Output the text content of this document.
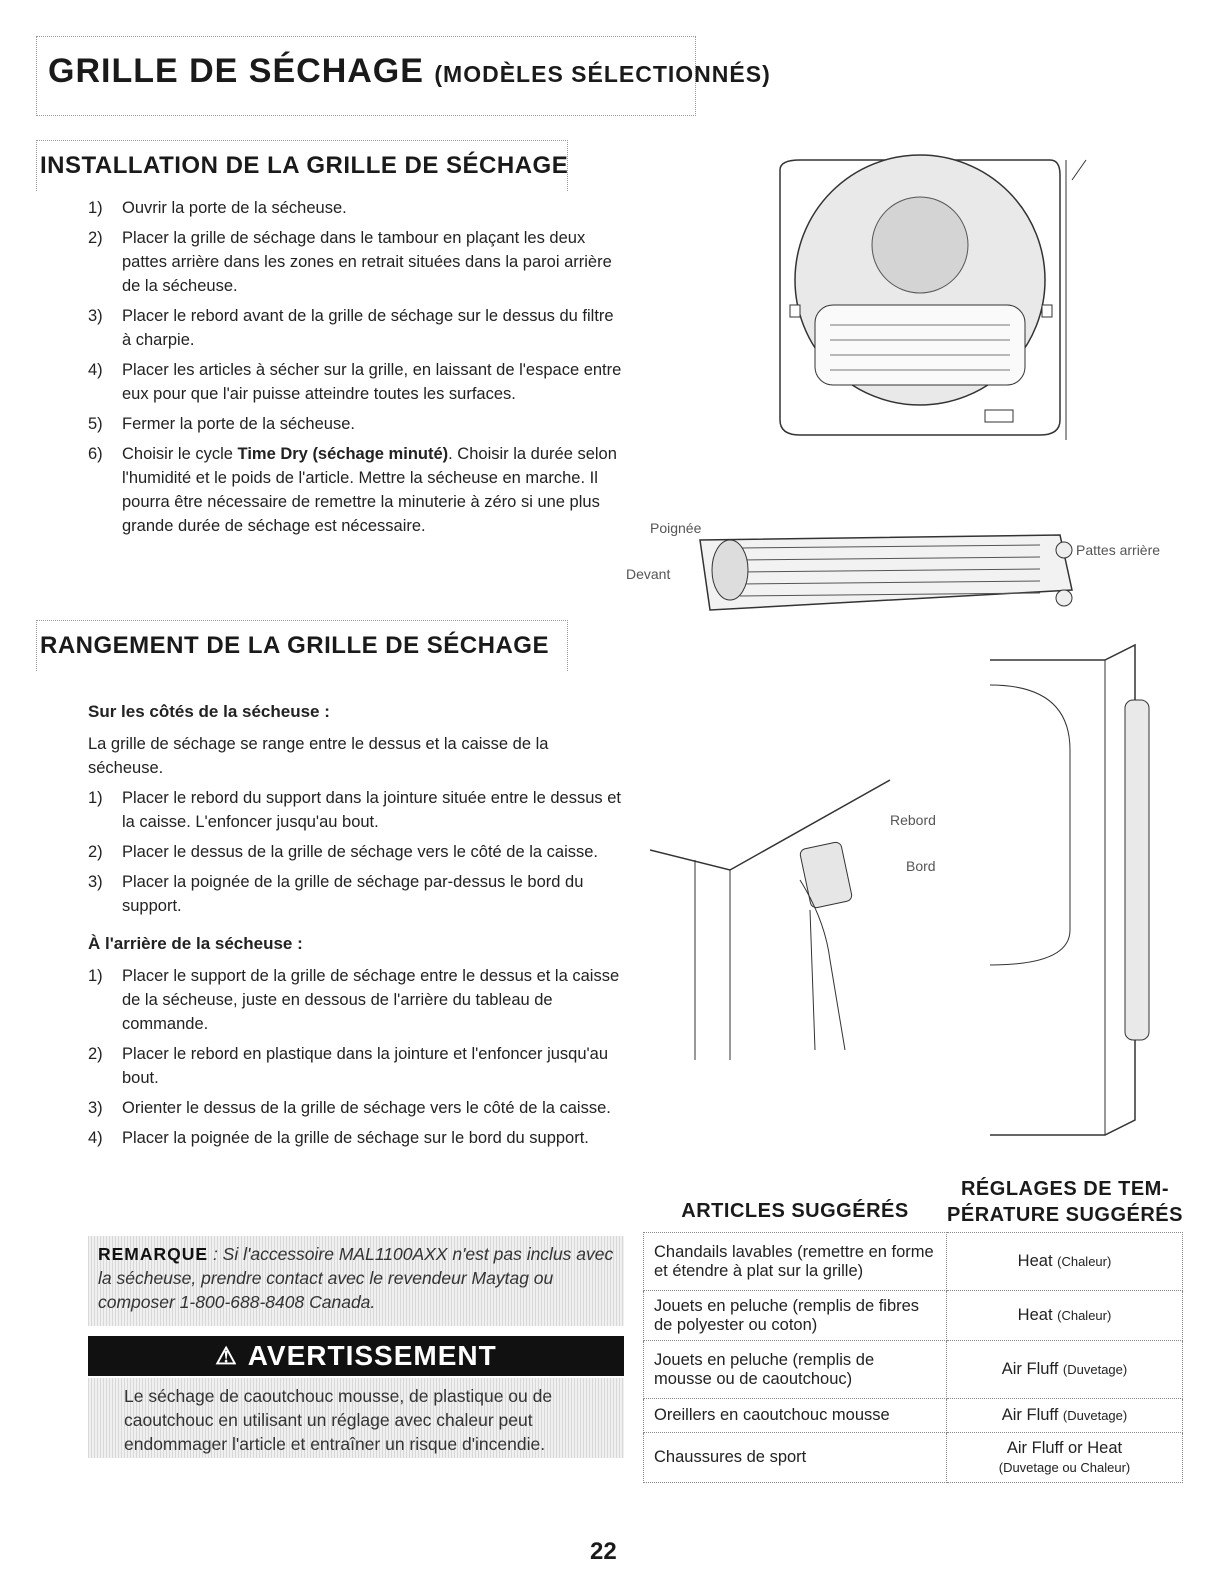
GRILLE DE SÉCHAGE (MODÈLES SÉLECTIONNÉS)
INSTALLATION DE LA GRILLE DE SÉCHAGE
1) Ouvrir la porte de la sécheuse.
2) Placer la grille de séchage dans le tambour en plaçant les deux pattes arrière dans les zones en retrait situées dans la paroi arrière de la sécheuse.
3) Placer le rebord avant de la grille de séchage sur le dessus du filtre à charpie.
4) Placer les articles à sécher sur la grille, en laissant de l'espace entre eux pour que l'air puisse atteindre toutes les surfaces.
5) Fermer la porte de la sécheuse.
6) Choisir le cycle Time Dry (séchage minuté). Choisir la durée selon l'humidité et le poids de l'article. Mettre la sécheuse en marche. Il pourra être nécessaire de remettre la minuterie à zéro si une plus grande durée de séchage est nécessaire.	Poignée
Devant
Pattes arrière
RANGEMENT DE LA GRILLE DE SÉCHAGE
Sur les côtés de la sécheuse :
La grille de séchage se range entre le dessus et la caisse de la sécheuse.
1) Placer le rebord du support dans la jointure située entre le dessus et la caisse. L'enfoncer jusqu'au bout.
2) Placer le dessus de la grille de séchage vers le côté de la caisse.
3) Placer la poignée de la grille de séchage par-dessus le bord du support.
À l'arrière de la sécheuse :
1) Placer le support de la grille de séchage entre le dessus et la caisse de la sécheuse, juste en dessous de l'arrière du tableau de commande.
2) Placer le rebord en plastique dans la jointure et l'enfoncer jusqu'au bout.
3) Orienter le dessus de la grille de séchage vers le côté de la caisse.
4) Placer la poignée de la grille de séchage sur le bord du support.
Rebord
Bord
REMARQUE : Si l'accessoire MAL1100AXX n'est pas inclus avec la sécheuse, prendre contact avec le revendeur Maytag ou composer 1-800-688-8408 Canada.
⚠ AVERTISSEMENT
Le séchage de caoutchouc mousse, de plastique ou de caoutchouc en utilisant un réglage avec chaleur peut endommager l'article et entraîner un risque d'incendie.
ARTICLES SUGGÉRÉS
RÉGLAGES DE TEM-
PÉRATURE SUGGÉRÉS
Chandails lavables (remettre en forme et étendre à plat sur la grille)	Heat (Chaleur)
Jouets en peluche (remplis de fibres de polyester ou coton)	Heat (Chaleur)
Jouets en peluche (remplis de mousse ou de caoutchouc)	Air Fluff (Duvetage)
Oreillers en caoutchouc mousse	Air Fluff (Duvetage)
Chaussures de sport	Air Fluff or Heat
(Duvetage ou Chaleur)
22
